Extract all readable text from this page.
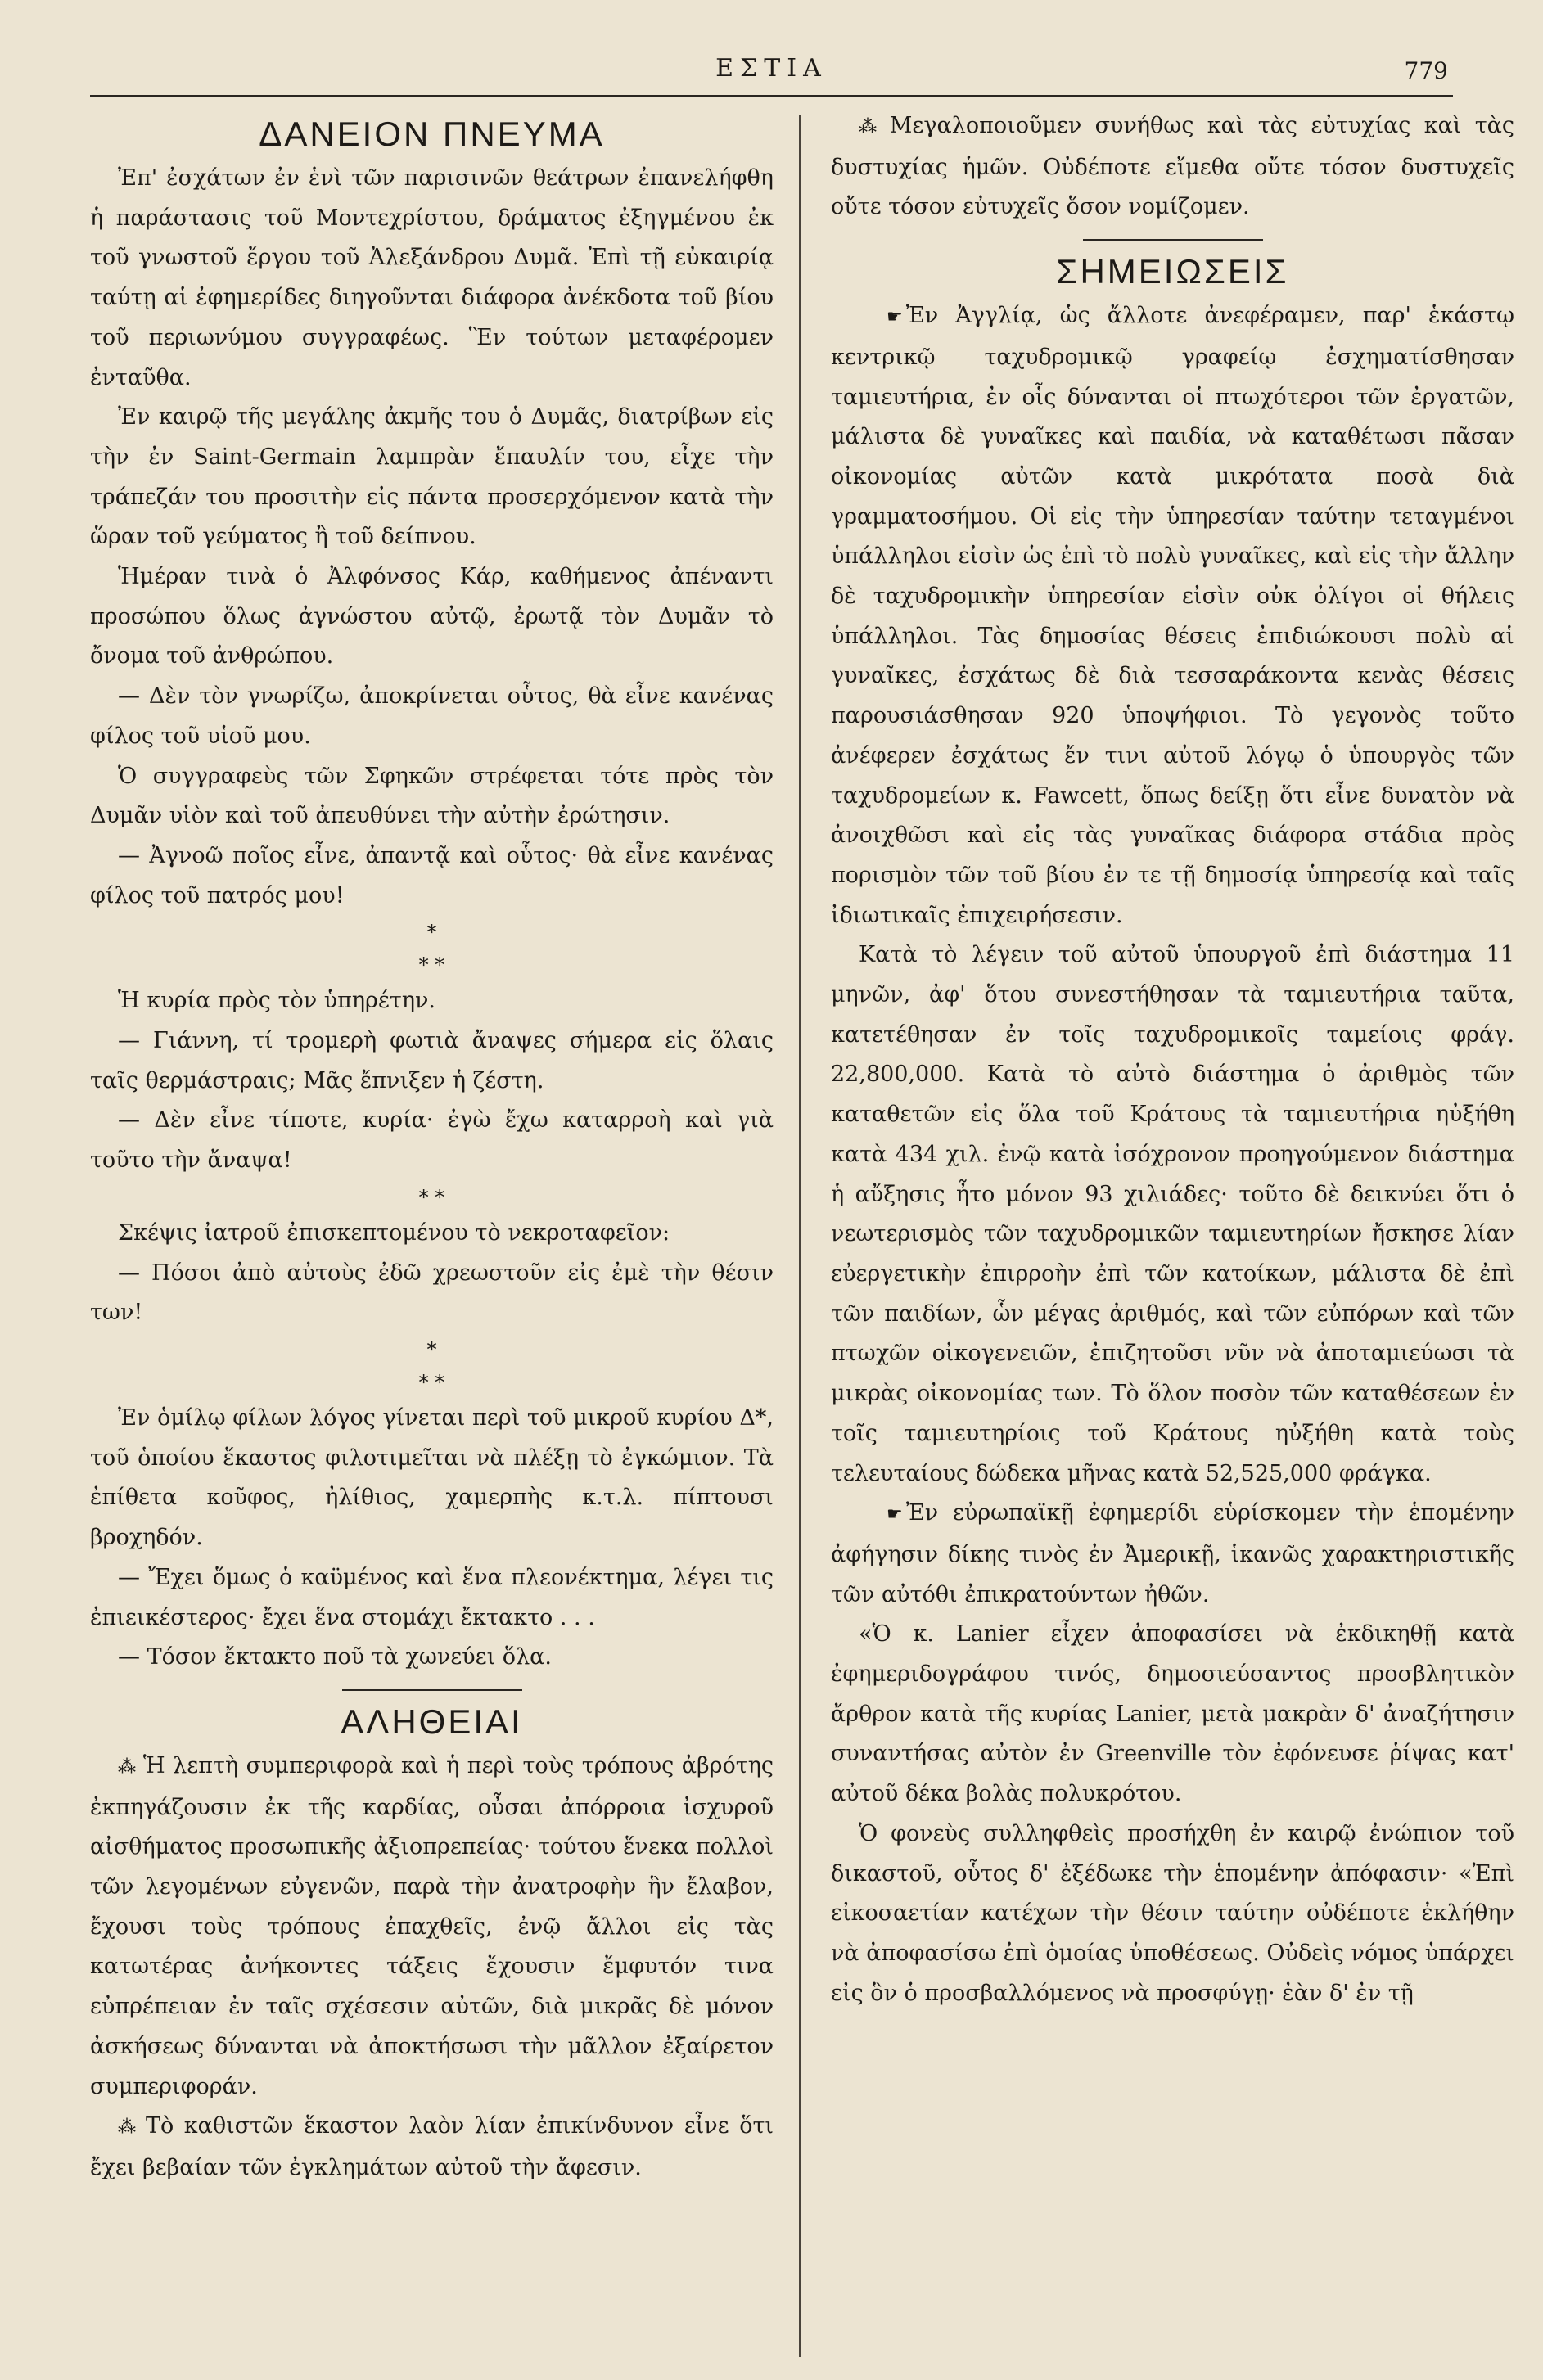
ΕΣΤΙΑ	779
ΔΑΝΕΙΟΝ ΠΝΕΥΜΑ

Ἐπ' ἐσχάτων ἐν ἑνὶ τῶν παρισινῶν θεάτρων ἐπανελήφθη ἡ παράστασις τοῦ Μοντεχρίστου, δράματος ἐξηγμένου ἐκ τοῦ γνωστοῦ ἔργου τοῦ Ἀλεξάνδρου Δυμᾶ. Ἐπὶ τῇ εὐκαιρίᾳ ταύτῃ αἱ ἐφημερίδες διηγοῦνται διάφορα ἀνέκδοτα τοῦ βίου τοῦ περιωνύμου συγγραφέως. Ἓν τούτων μεταφέρομεν ἐνταῦθα.

Ἐν καιρῷ τῆς μεγάλης ἀκμῆς του ὁ Δυμᾶς, διατρίβων εἰς τὴν ἐν Saint-Germain λαμπρὰν ἔπαυλίν του, εἶχε τὴν τράπεζάν του προσιτὴν εἰς πάντα προσερχόμενον κατὰ τὴν ὥραν τοῦ γεύματος ἢ τοῦ δείπνου.

Ἡμέραν τινὰ ὁ Ἀλφόνσος Κάρ, καθήμενος ἀπέναντι προσώπου ὅλως ἀγνώστου αὐτῷ, ἐρωτᾷ τὸν Δυμᾶν τὸ ὄνομα τοῦ ἀνθρώπου.

— Δὲν τὸν γνωρίζω, ἀποκρίνεται οὗτος, θὰ εἶνε κανένας φίλος τοῦ υἱοῦ μου.

Ὁ συγγραφεὺς τῶν Σφηκῶν στρέφεται τότε πρὸς τὸν Δυμᾶν υἱὸν καὶ τοῦ ἀπευθύνει τὴν αὐτὴν ἐρώτησιν.

— Ἀγνοῶ ποῖος εἶνε, ἀπαντᾷ καὶ οὗτος· θὰ εἶνε κανένας φίλος τοῦ πατρός μου!

*
* *

Ἡ κυρία πρὸς τὸν ὑπηρέτην.

— Γιάννη, τί τρομερὴ φωτιὰ ἄναψες σήμερα εἰς ὅλαις ταῖς θερμάστραις; Μᾶς ἔπνιξεν ἡ ζέστη.

— Δὲν εἶνε τίποτε, κυρία· ἐγὼ ἔχω καταρροὴ καὶ γιὰ τοῦτο τὴν ἄναψα!

* *

Σκέψις ἰατροῦ ἐπισκεπτομένου τὸ νεκροταφεῖον:

— Πόσοι ἀπὸ αὐτοὺς ἐδῶ χρεωστοῦν εἰς ἐμὲ τὴν θέσιν των!

*
* *

Ἐν ὁμίλῳ φίλων λόγος γίνεται περὶ τοῦ μικροῦ κυρίου Δ*, τοῦ ὁποίου ἕκαστος φιλοτιμεῖται νὰ πλέξῃ τὸ ἐγκώμιον. Τὰ ἐπίθετα κοῦφος, ἠλίθιος, χαμερπὴς κ.τ.λ. πίπτουσι βροχηδόν.

— Ἔχει ὅμως ὁ καϋμένος καὶ ἕνα πλεονέκτημα, λέγει τις ἐπιεικέστερος· ἔχει ἕνα στομάχι ἔκτακτο . . .

— Τόσον ἔκτακτο ποῦ τὰ χωνεύει ὅλα.

ΑΛΗΘΕΙΑΙ

⁂ Ἡ λεπτὴ συμπεριφορὰ καὶ ἡ περὶ τοὺς τρόπους ἀβρότης ἐκπηγάζουσιν ἐκ τῆς καρδίας, οὖσαι ἀπόρροια ἰσχυροῦ αἰσθήματος προσωπικῆς ἀξιοπρεπείας· τούτου ἕνεκα πολλοὶ τῶν λεγομένων εὐγενῶν, παρὰ τὴν ἀνατροφὴν ἣν ἔλαβον, ἔχουσι τοὺς τρόπους ἐπαχθεῖς, ἐνῷ ἄλλοι εἰς τὰς κατωτέρας ἀνήκοντες τάξεις ἔχουσιν ἔμφυτόν τινα εὐπρέπειαν ἐν ταῖς σχέσεσιν αὐτῶν, διὰ μικρᾶς δὲ μόνον ἀσκήσεως δύνανται νὰ ἀποκτήσωσι τὴν μᾶλλον ἐξαίρετον συμπεριφοράν.

⁂ Τὸ καθιστῶν ἕκαστον λαὸν λίαν ἐπικίνδυνον εἶνε ὅτι ἔχει βεβαίαν τῶν ἐγκλημάτων αὐτοῦ τὴν ἄφεσιν.

⁂ Μεγαλοποιοῦμεν συνήθως καὶ τὰς εὐτυχίας καὶ τὰς δυστυχίας ἡμῶν. Οὐδέποτε εἴμεθα οὔτε τόσον δυστυχεῖς οὔτε τόσον εὐτυχεῖς ὅσον νομίζομεν.

ΣΗΜΕΙΩΣΕΙΣ

☛ Ἐν Ἀγγλίᾳ, ὡς ἄλλοτε ἀνεφέραμεν, παρ' ἑκάστῳ κεντρικῷ ταχυδρομικῷ γραφείῳ ἐσχηματίσθησαν ταμιευτήρια, ἐν οἷς δύνανται οἱ πτωχότεροι τῶν ἐργατῶν, μάλιστα δὲ γυναῖκες καὶ παιδία, νὰ καταθέτωσι πᾶσαν οἰκονομίας αὐτῶν κατὰ μικρότατα ποσὰ διὰ γραμματοσήμου. Οἱ εἰς τὴν ὑπηρεσίαν ταύτην τεταγμένοι ὑπάλληλοι εἰσὶν ὡς ἐπὶ τὸ πολὺ γυναῖκες, καὶ εἰς τὴν ἄλλην δὲ ταχυδρομικὴν ὑπηρεσίαν εἰσὶν οὐκ ὀλίγοι οἱ θήλεις ὑπάλληλοι. Τὰς δημοσίας θέσεις ἐπιδιώκουσι πολὺ αἱ γυναῖκες, ἐσχάτως δὲ διὰ τεσσαράκοντα κενὰς θέσεις παρουσιάσθησαν 920 ὑποψήφιοι. Τὸ γεγονὸς τοῦτο ἀνέφερεν ἐσχάτως ἔν τινι αὐτοῦ λόγῳ ὁ ὑπουργὸς τῶν ταχυδρομείων κ. Fawcett, ὅπως δείξῃ ὅτι εἶνε δυνατὸν νὰ ἀνοιχθῶσι καὶ εἰς τὰς γυναῖκας διάφορα στάδια πρὸς πορισμὸν τῶν τοῦ βίου ἐν τε τῇ δημοσίᾳ ὑπηρεσίᾳ καὶ ταῖς ἰδιωτικαῖς ἐπιχειρήσεσιν.

Κατὰ τὸ λέγειν τοῦ αὐτοῦ ὑπουργοῦ ἐπὶ διάστημα 11 μηνῶν, ἀφ' ὅτου συνεστήθησαν τὰ ταμιευτήρια ταῦτα, κατετέθησαν ἐν τοῖς ταχυδρομικοῖς ταμείοις φράγ. 22,800,000. Κατὰ τὸ αὐτὸ διάστημα ὁ ἀριθμὸς τῶν καταθετῶν εἰς ὅλα τοῦ Κράτους τὰ ταμιευτήρια ηὐξήθη κατὰ 434 χιλ. ἐνῷ κατὰ ἰσόχρονον προηγούμενον διάστημα ἡ αὔξησις ἦτο μόνον 93 χιλιάδες· τοῦτο δὲ δεικνύει ὅτι ὁ νεωτερισμὸς τῶν ταχυδρομικῶν ταμιευτηρίων ἤσκησε λίαν εὐεργετικὴν ἐπιρροὴν ἐπὶ τῶν κατοίκων, μάλιστα δὲ ἐπὶ τῶν παιδίων, ὧν μέγας ἀριθμός, καὶ τῶν εὐπόρων καὶ τῶν πτωχῶν οἰκογενειῶν, ἐπιζητοῦσι νῦν νὰ ἀποταμιεύωσι τὰ μικρὰς οἰκονομίας των. Τὸ ὅλον ποσὸν τῶν καταθέσεων ἐν τοῖς ταμιευτηρίοις τοῦ Κράτους ηὐξήθη κατὰ τοὺς τελευταίους δώδεκα μῆνας κατὰ 52,525,000 φράγκα.

☛ Ἐν εὐρωπαϊκῇ ἐφημερίδι εὑρίσκομεν τὴν ἑπομένην ἀφήγησιν δίκης τινὸς ἐν Ἀμερικῇ, ἱκανῶς χαρακτηριστικῆς τῶν αὐτόθι ἐπικρατούντων ἠθῶν.

«Ὁ κ. Lanier εἶχεν ἀποφασίσει νὰ ἐκδικηθῇ κατὰ ἐφημεριδογράφου τινός, δημοσιεύσαντος προσβλητικὸν ἄρθρον κατὰ τῆς κυρίας Lanier, μετὰ μακρὰν δ' ἀναζήτησιν συναντήσας αὐτὸν ἐν Greenville τὸν ἐφόνευσε ῥίψας κατ' αὐτοῦ δέκα βολὰς πολυκρότου.

Ὁ φονεὺς συλληφθεὶς προσήχθη ἐν καιρῷ ἐνώπιον τοῦ δικαστοῦ, οὗτος δ' ἐξέδωκε τὴν ἑπομένην ἀπόφασιν· «Ἐπὶ εἰκοσαετίαν κατέχων τὴν θέσιν ταύτην οὐδέποτε ἐκλήθην νὰ ἀποφασίσω ἐπὶ ὁμοίας ὑποθέσεως. Οὐδεὶς νόμος ὑπάρχει εἰς ὃν ὁ προσβαλλόμενος νὰ προσφύγῃ· ἐὰν δ' ἐν τῇ
